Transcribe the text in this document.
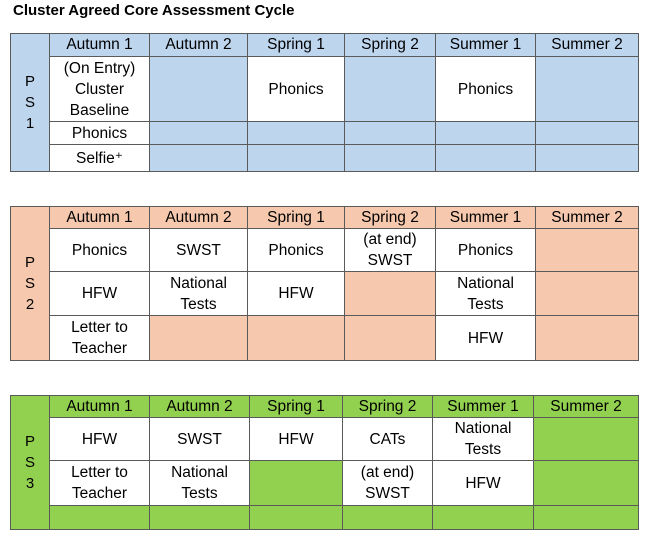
Cluster Agreed Core Assessment Cycle
P
S
1	Autumn 1	Autumn 2	Spring 1	Spring 2	Summer 1	Summer 2
	(On Entry) Cluster Baseline		Phonics		Phonics	
	Phonics					
	Selfie⁺					
P
S
2	Autumn 1	Autumn 2	Spring 1	Spring 2	Summer 1	Summer 2
	Phonics	SWST	Phonics	(at end) SWST	Phonics	
	HFW	National Tests	HFW		National Tests	
	Letter to Teacher				HFW	
P
S
3	Autumn 1	Autumn 2	Spring 1	Spring 2	Summer 1	Summer 2
	HFW	SWST	HFW	CATs	National Tests	
	Letter to Teacher	National Tests		(at end) SWST	HFW	
